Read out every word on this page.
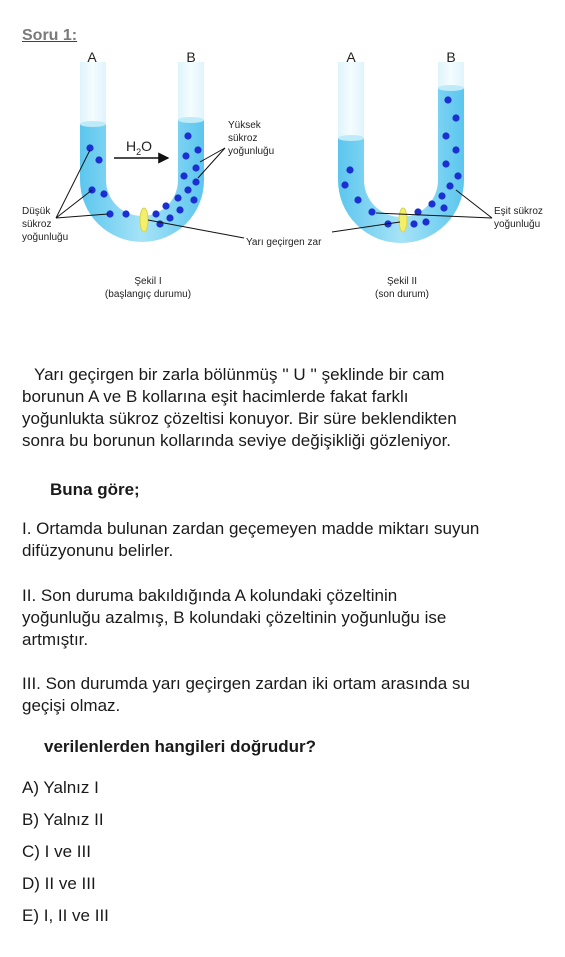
Soru 1:
A	B	A	B
$H_2O$
Yüksek
sükroz
yoğunluğu
Düşük
sükroz
yoğunluğu	Yarı geçirgen zar
Eşit sükroz
yoğunluğu
Şekil I
(başlangıç durumu)
Şekil II
(son durum)
Yarı geçirgen bir zarla bölünmüş '' U '' şeklinde bir cam
borunun A ve B kollarına eşit hacimlerde fakat farklı
yoğunlukta sükroz çözeltisi konuyor. Bir süre beklendikten
sonra bu borunun kollarında seviye değişikliği gözleniyor.
Buna göre;
I. Ortamda bulunan zardan geçemeyen madde miktarı suyun
difüzyonunu belirler.
II. Son duruma bakıldığında A kolundaki çözeltinin
yoğunluğu azalmış, B kolundaki çözeltinin yoğunluğu ise
artmıştır.
III. Son durumda yarı geçirgen zardan iki ortam arasında su
geçişi olmaz.
verilenlerden hangileri doğrudur?
A) Yalnız I
B) Yalnız II
C) I ve III
D) II ve III
E) I, II ve III
